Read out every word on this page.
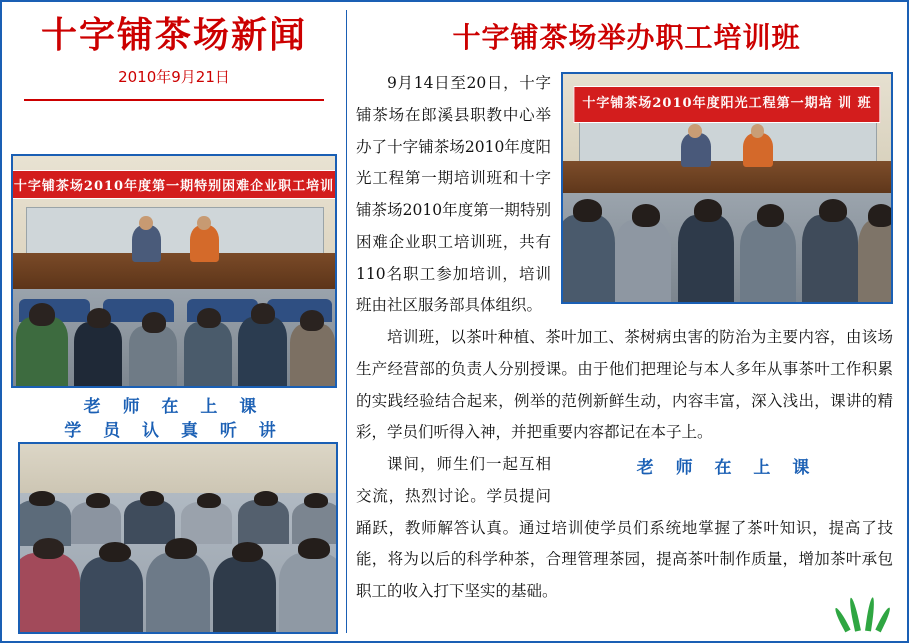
十字铺茶场新闻
2010年9月21日
十字铺茶场2010年度第一期特别困难企业职工培训
老 师 在 上 课
学 员 认 真 听 讲
十字铺茶场举办职工培训班
十字铺茶场2010年度阳光工程第一期培 训 班

9月14日至20日，十字铺茶场在郎溪县职教中心举办了十字铺茶场2010年度阳光工程第一期培训班和十字铺茶场2010年度第一期特别困难企业职工培训班，共有110名职工参加培训，培训班由社区服务部具体组织。

培训班，以茶叶种植、茶叶加工、茶树病虫害的防治为主要内容，由该场生产经营部的负责人分别授课。由于他们把理论与本人多年从事茶叶工作积累的实践经验结合起来，例举的范例新鲜生动，内容丰富，深入浅出，课讲的精彩，学员们听得入神，并把重要内容都记在本子上。

老 师 在 上 课

课间，师生们一起互相交流，热烈讨论。学员提问踊跃，教师解答认真。通过培训使学员们系统地掌握了茶叶知识，提高了技能，将为以后的科学种茶，合理管理茶园，提高茶叶制作质量，增加茶叶承包职工的收入打下坚实的基础。
